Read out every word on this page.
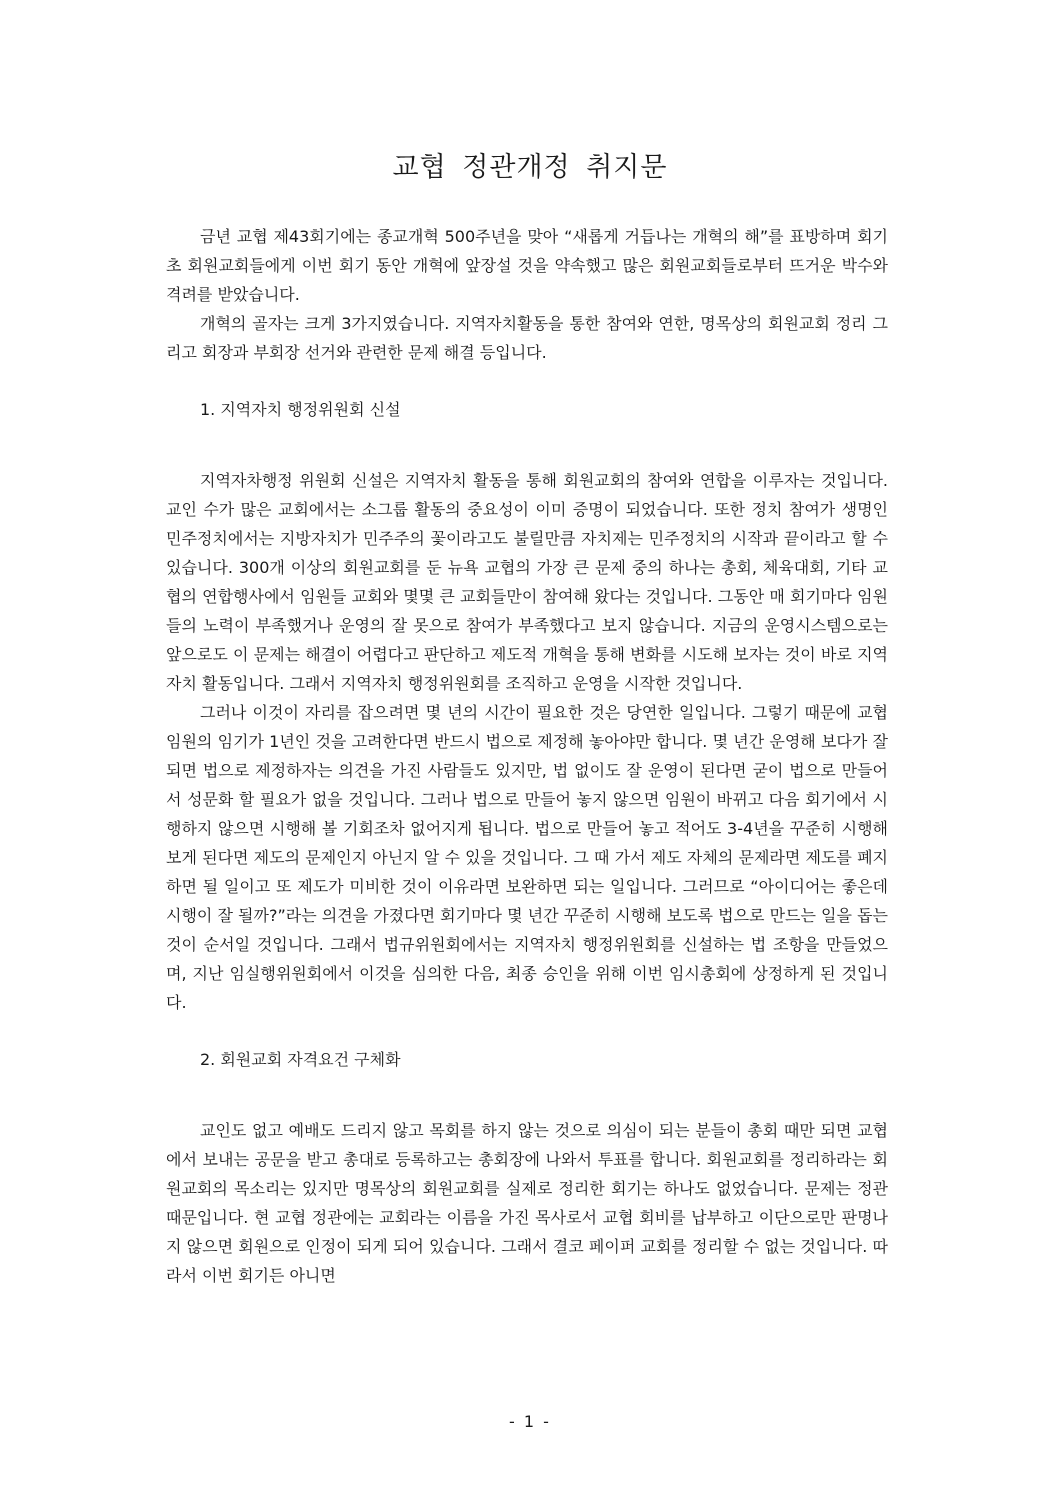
교협 정관개정 취지문

금년 교협 제43회기에는 종교개혁 500주년을 맞아 “새롭게 거듭나는 개혁의 해”를 표방하며 회기 초 회원교회들에게 이번 회기 동안 개혁에 앞장설 것을 약속했고 많은 회원교회들로부터 뜨거운 박수와 격려를 받았습니다.

개혁의 골자는 크게 3가지였습니다. 지역자치활동을 통한 참여와 연한, 명목상의 회원교회 정리 그리고 회장과 부회장 선거와 관련한 문제 해결 등입니다.

1. 지역자치 행정위원회 신설

지역자차행정 위원회 신설은 지역자치 활동을 통해 회원교회의 참여와 연합을 이루자는 것입니다. 교인 수가 많은 교회에서는 소그룹 활동의 중요성이 이미 증명이 되었습니다. 또한 정치 참여가 생명인 민주정치에서는 지방자치가 민주주의 꽃이라고도 불릴만큼 자치제는 민주정치의 시작과 끝이라고 할 수 있습니다. 300개 이상의 회원교회를 둔 뉴욕 교협의 가장 큰 문제 중의 하나는 총회, 체육대회, 기타 교협의 연합행사에서 임원들 교회와 몇몇 큰 교회들만이 참여해 왔다는 것입니다. 그동안 매 회기마다 임원들의 노력이 부족했거나 운영의 잘 못으로 참여가 부족했다고 보지 않습니다. 지금의 운영시스템으로는 앞으로도 이 문제는 해결이 어렵다고 판단하고 제도적 개혁을 통해 변화를 시도해 보자는 것이 바로 지역자치 활동입니다. 그래서 지역자치 행정위원회를 조직하고 운영을 시작한 것입니다.

그러나 이것이 자리를 잡으려면 몇 년의 시간이 필요한 것은 당연한 일입니다. 그렇기 때문에 교협 임원의 임기가 1년인 것을 고려한다면 반드시 법으로 제정해 놓아야만 합니다. 몇 년간 운영해 보다가 잘 되면 법으로 제정하자는 의견을 가진 사람들도 있지만, 법 없이도 잘 운영이 된다면 굳이 법으로 만들어서 성문화 할 필요가 없을 것입니다. 그러나 법으로 만들어 놓지 않으면 임원이 바뀌고 다음 회기에서 시행하지 않으면 시행해 볼 기회조차 없어지게 됩니다. 법으로 만들어 놓고 적어도 3-4년을 꾸준히 시행해 보게 된다면 제도의 문제인지 아닌지 알 수 있을 것입니다. 그 때 가서 제도 자체의 문제라면 제도를 폐지하면 될 일이고 또 제도가 미비한 것이 이유라면 보완하면 되는 일입니다. 그러므로 “아이디어는 좋은데 시행이 잘 될까?”라는 의견을 가졌다면 회기마다 몇 년간 꾸준히 시행해 보도록 법으로 만드는 일을 돕는 것이 순서일 것입니다. 그래서 법규위원회에서는 지역자치 행정위원회를 신설하는 법 조항을 만들었으며, 지난 임실행위원회에서 이것을 심의한 다음, 최종 승인을 위해 이번 임시총회에 상정하게 된 것입니다.

2. 회원교회 자격요건 구체화

교인도 없고 예배도 드리지 않고 목회를 하지 않는 것으로 의심이 되는 분들이 총회 때만 되면 교협에서 보내는 공문을 받고 총대로 등록하고는 총회장에 나와서 투표를 합니다. 회원교회를 정리하라는 회원교회의 목소리는 있지만 명목상의 회원교회를 실제로 정리한 회기는 하나도 없었습니다. 문제는 정관 때문입니다. 현 교협 정관에는 교회라는 이름을 가진 목사로서 교협 회비를 납부하고 이단으로만 판명나지 않으면 회원으로 인정이 되게 되어 있습니다. 그래서 결코 페이퍼 교회를 정리할 수 없는 것입니다. 따라서 이번 회기든 아니면

- 1 -
